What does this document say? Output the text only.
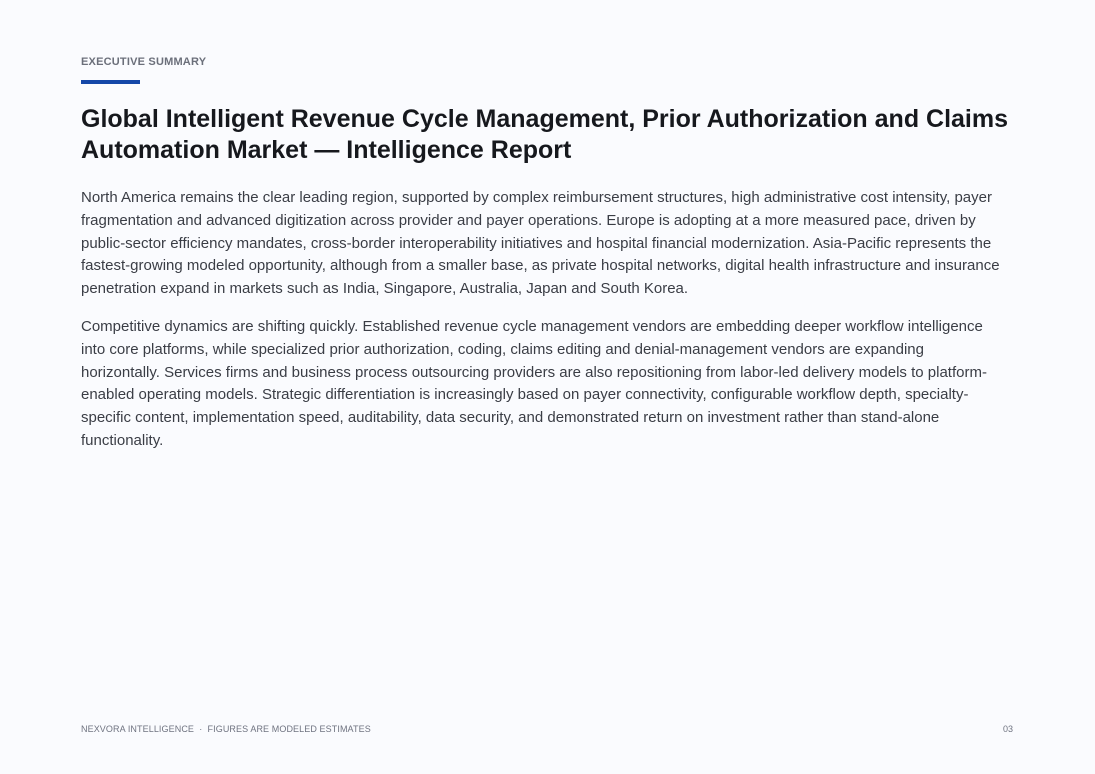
EXECUTIVE SUMMARY
Global Intelligent Revenue Cycle Management, Prior Authorization and Claims Automation Market — Intelligence Report

North America remains the clear leading region, supported by complex reimbursement structures, high administrative cost intensity, payer fragmentation and advanced digitization across provider and payer operations. Europe is adopting at a more measured pace, driven by public-sector efficiency mandates, cross-border interoperability initiatives and hospital financial modernization. Asia-Pacific represents the fastest-growing modeled opportunity, although from a smaller base, as private hospital networks, digital health infrastructure and insurance penetration expand in markets such as India, Singapore, Australia, Japan and South Korea.

Competitive dynamics are shifting quickly. Established revenue cycle management vendors are embedding deeper workflow intelligence into core platforms, while specialized prior authorization, coding, claims editing and denial-management vendors are expanding horizontally. Services firms and business process outsourcing providers are also repositioning from labor-led delivery models to platform-enabled operating models. Strategic differentiation is increasingly based on payer connectivity, configurable workflow depth, specialty-specific content, implementation speed, auditability, data security, and demonstrated return on investment rather than stand-alone functionality.

NEXVORA INTELLIGENCE  ·  FIGURES ARE MODELED ESTIMATES	03
